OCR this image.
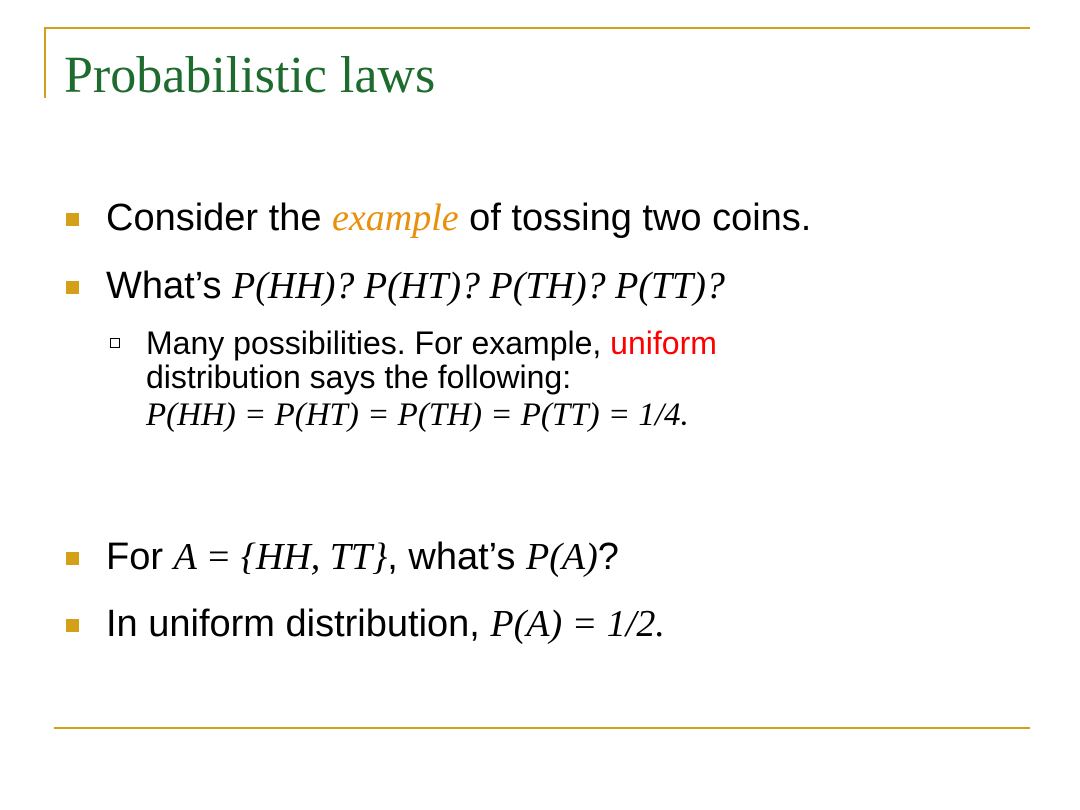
Probabilistic laws
Consider the example of tossing two coins.
What’s P(HH)? P(HT)? P(TH)? P(TT)?
Many possibilities. For example, uniform
distribution says the following:
P(HH) = P(HT) = P(TH) = P(TT) = 1/4.
For A = {HH, TT}, what’s P(A)?
In uniform distribution, P(A) = 1/2.
